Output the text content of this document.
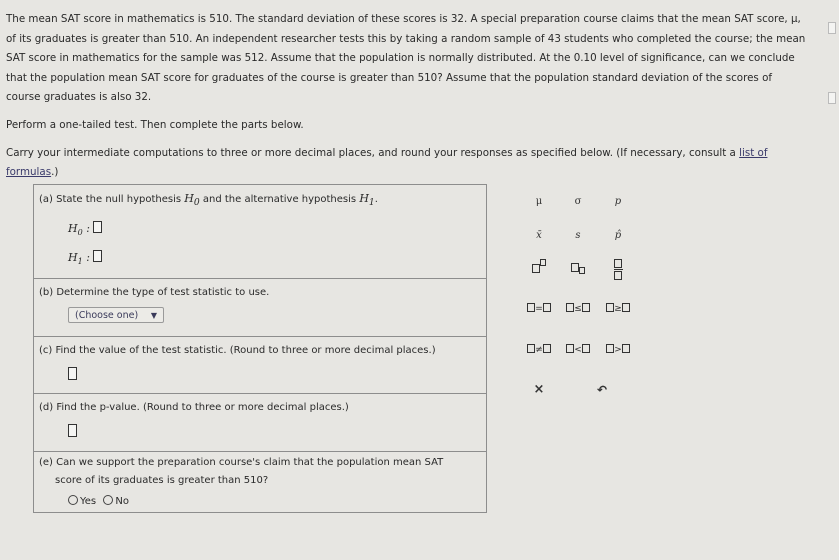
The mean SAT score in mathematics is 510. The standard deviation of these scores is 32. A special preparation course claims that the mean SAT score, μ, of its graduates is greater than 510. An independent researcher tests this by taking a random sample of 43 students who completed the course; the mean SAT score in mathematics for the sample was 512. Assume that the population is normally distributed. At the 0.10 level of significance, can we conclude that the population mean SAT score for graduates of the course is greater than 510? Assume that the population standard deviation of the scores of course graduates is also 32.

Perform a one-tailed test. Then complete the parts below.

Carry your intermediate computations to three or more decimal places, and round your responses as specified below. (If necessary, consult a list of formulas.)

(a) State the null hypothesis $H_0$ and the alternative hypothesis $H_1$.
$H_0$ :
$H_1$ :
(b) Determine the type of test statistic to use.
(Choose one) ▼
(c) Find the value of the test statistic. (Round to three or more decimal places.)
(d) Find the p-value. (Round to three or more decimal places.)
(e) Can we support the preparation course's claim that the population mean SAT
score of its graduates is greater than 510?
Yes No
μ	σ	p
x̄	s	p̂
=	≤	≥
≠	<	>
×	↶
